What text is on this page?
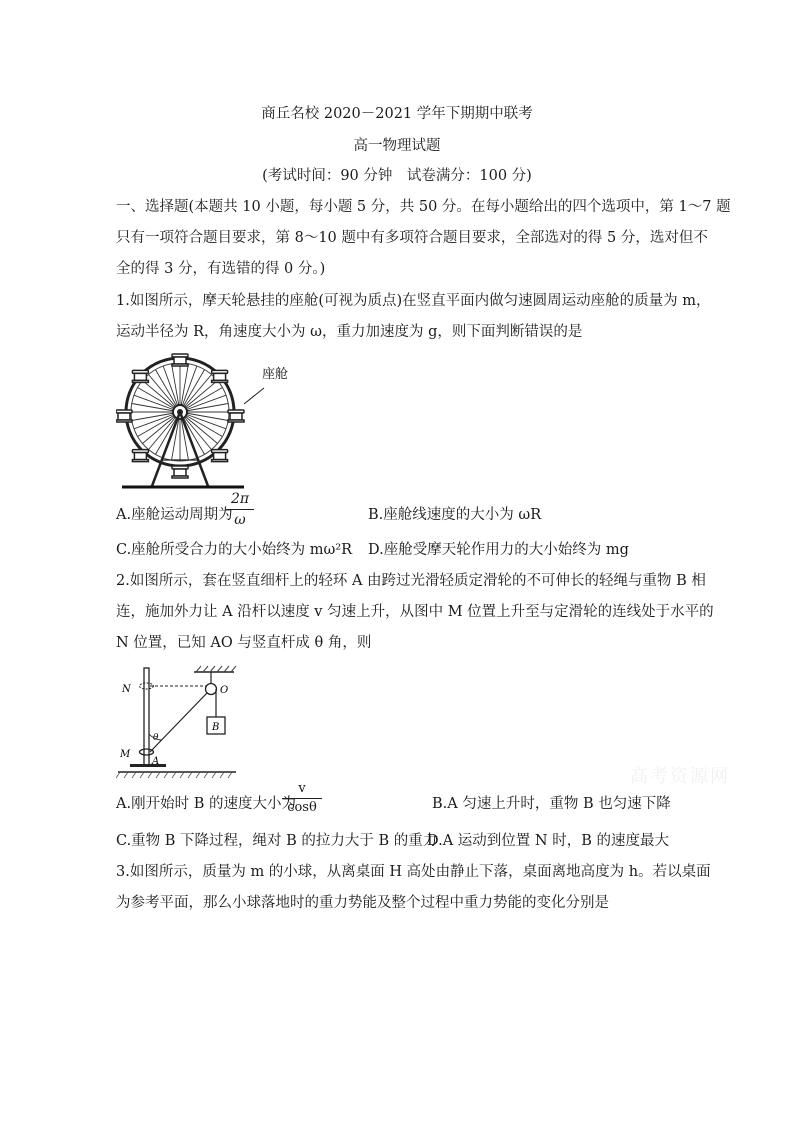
商丘名校 2020－2021 学年下期期中联考
高一物理试题
(考试时间：90 分钟　试卷满分：100 分)
一、选择题(本题共 10 小题，每小题 5 分，共 50 分。在每小题给出的四个选项中，第 1～7 题
只有一项符合题目要求，第 8～10 题中有多项符合题目要求，全部选对的得 5 分，选对但不
全的得 3 分，有选错的得 0 分。)
1.如图所示，摩天轮悬挂的座舱(可视为质点)在竖直平面内做匀速圆周运动座舱的质量为 m，
运动半径为 R，角速度大小为 ω，重力加速度为 g，则下面判断错误的是
座舱
A.座舱运动周期为
$\frac{2\pi}{\omega}$	B.座舱线速度的大小为 ωR
C.座舱所受合力的大小始终为 mω²R D.座舱受摩天轮作用力的大小始终为 mg
2.如图所示，套在竖直细杆上的轻环 A 由跨过光滑轻质定滑轮的不可伸长的轻绳与重物 B 相
连，施加外力让 A 沿杆以速度 v 匀速上升，从图中 M 位置上升至与定滑轮的连线处于水平的
N 位置，已知 AO 与竖直杆成 θ 角，则
B
N	O
M
A
θ
A.刚开始时 B 的速度大小为
$\frac{v}{\cos\theta}$	B.A 匀速上升时，重物 B 也匀速下降
C.重物 B 下降过程，绳对 B 的拉力大于 B 的重力
D.A 运动到位置 N 时，B 的速度最大
3.如图所示，质量为 m 的小球，从离桌面 H 高处由静止下落，桌面离地高度为 h。若以桌面
为参考平面，那么小球落地时的重力势能及整个过程中重力势能的变化分别是
高考资源网
